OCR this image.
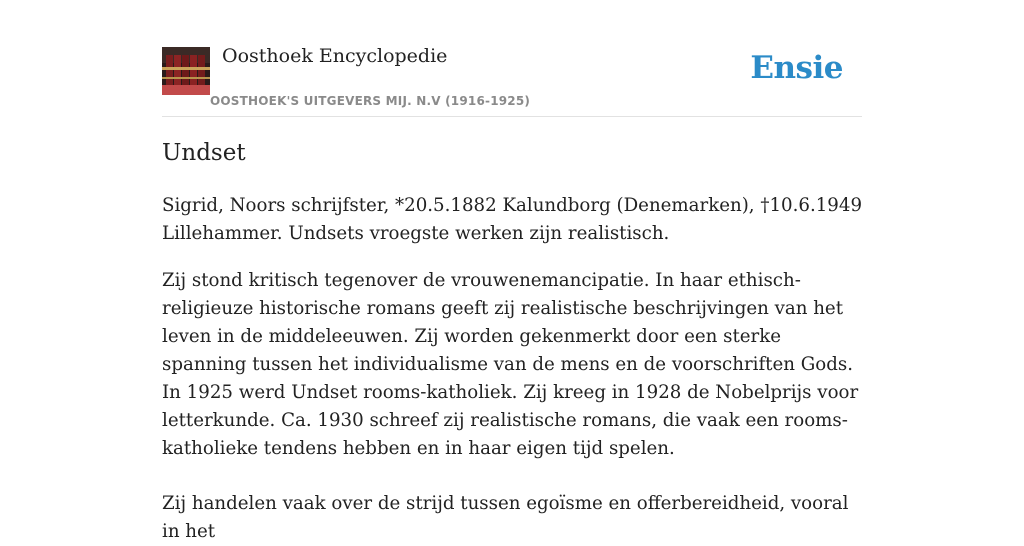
Oosthoek Encyclopedie
OOSTHOEK'S UITGEVERS MIJ. N.V (1916-1925)
Ensie
Undset

Sigrid, Noors schrijfster, *20.5.1882 Kalundborg (Denemarken), †10.6.1949 Lillehammer. Undsets vroegste werken zijn realistisch.

Zij stond kritisch tegenover de vrouwenemancipatie. In haar ethisch-religieuze historische romans geeft zij realistische beschrijvingen van het leven in de middeleeuwen. Zij worden gekenmerkt door een sterke spanning tussen het individualisme van de mens en de voorschriften Gods. In 1925 werd Undset rooms-katholiek. Zij kreeg in 1928 de Nobelprijs voor letterkunde. Ca. 1930 schreef zij realistische romans, die vaak een rooms-katholieke tendens hebben en in haar eigen tijd spelen.

Zij handelen vaak over de strijd tussen egoïsme en offerbereidheid, vooral in het
